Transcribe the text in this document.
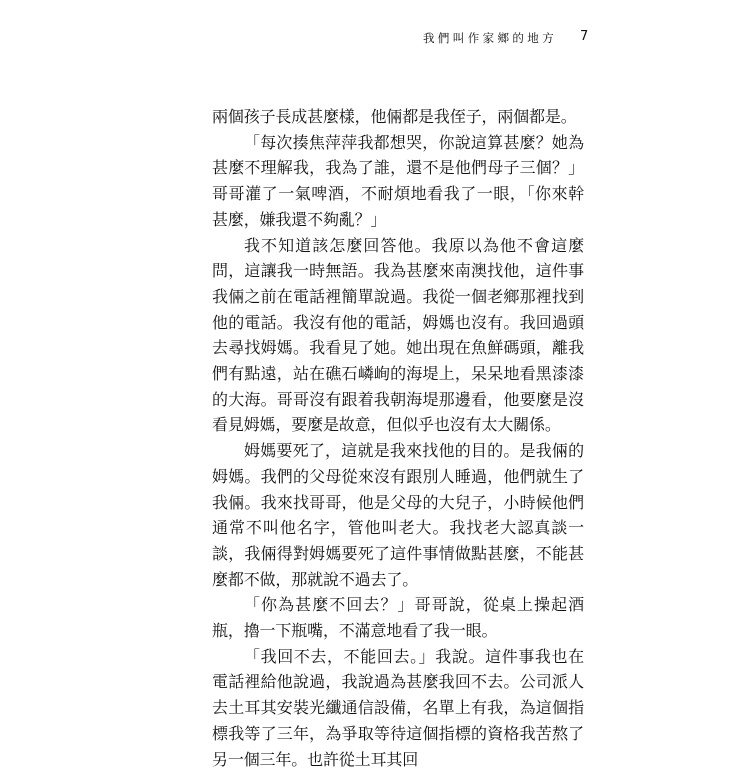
我們叫作家鄉的地方 7

兩個孩子長成甚麼樣，他倆都是我侄子，兩個都是。

「每次揍焦萍萍我都想哭，你說這算甚麼？她為甚麼不理解我，我為了誰，還不是他們母子三個？」哥哥灌了一氣啤酒，不耐煩地看我了一眼，「你來幹甚麼，嫌我還不夠亂？」

我不知道該怎麼回答他。我原以為他不會這麼問，這讓我一時無語。我為甚麼來南澳找他，這件事我倆之前在電話裡簡單說過。我從一個老鄉那裡找到他的電話。我沒有他的電話，姆媽也沒有。我回過頭去尋找姆媽。我看見了她。她出現在魚鮮碼頭，離我們有點遠，站在礁石嶙峋的海堤上，呆呆地看黑漆漆的大海。哥哥沒有跟着我朝海堤那邊看，他要麼是沒看見姆媽，要麼是故意，但似乎也沒有太大關係。

姆媽要死了，這就是我來找他的目的。是我倆的姆媽。我們的父母從來沒有跟別人睡過，他們就生了我倆。我來找哥哥，他是父母的大兒子，小時候他們通常不叫他名字，管他叫老大。我找老大認真談一談，我倆得對姆媽要死了這件事情做點甚麼，不能甚麼都不做，那就說不過去了。

「你為甚麼不回去？」哥哥說，從桌上操起酒瓶，擼一下瓶嘴，不滿意地看了我一眼。

「我回不去，不能回去。」我說。這件事我也在電話裡給他說過，我說過為甚麼我回不去。公司派人去土耳其安裝光纖通信設備，名單上有我，為這個指標我等了三年，為爭取等待這個指標的資格我苦熬了另一個三年。也許從土耳其回
